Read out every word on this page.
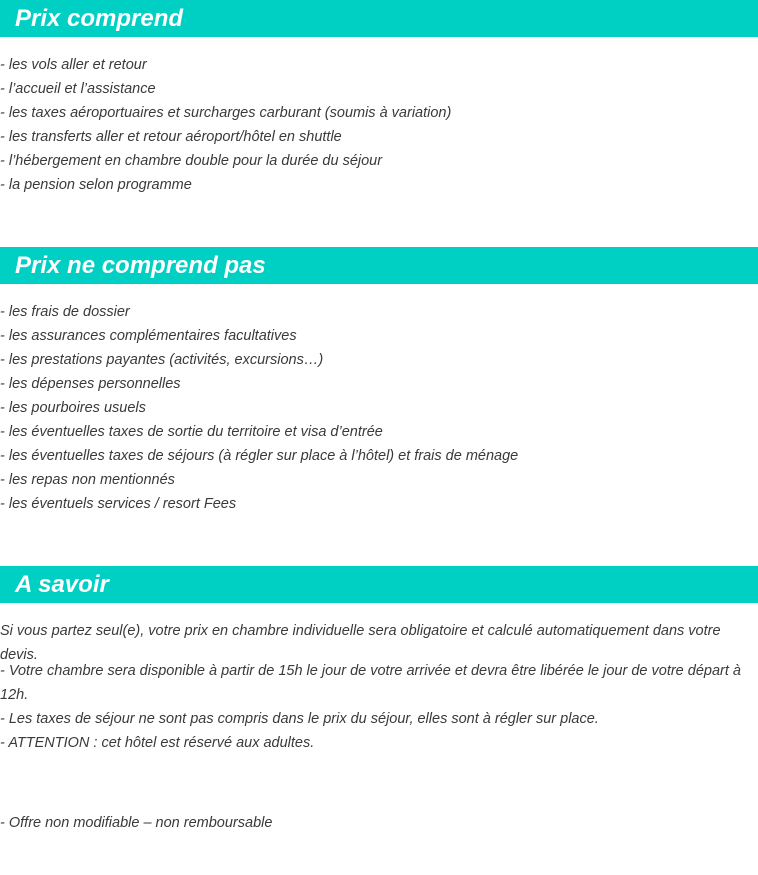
Prix comprend
- les vols aller et retour
- l’accueil et l’assistance
- les taxes aéroportuaires et surcharges carburant (soumis à variation)
- les transferts aller et retour aéroport/hôtel en shuttle
- l’hébergement en chambre double pour la durée du séjour
- la pension selon programme
Prix ne comprend pas
- les frais de dossier
- les assurances complémentaires facultatives
- les prestations payantes (activités, excursions…)
- les dépenses personnelles
- les pourboires usuels
- les éventuelles taxes de sortie du territoire et visa d’entrée
- les éventuelles taxes de séjours (à régler sur place à l’hôtel) et frais de ménage
- les repas non mentionnés
- les éventuels services / resort Fees
A savoir

Si vous partez seul(e), votre prix en chambre individuelle sera obligatoire et calculé automatiquement dans votre devis.

- Votre chambre sera disponible à partir de 15h le jour de votre arrivée et devra être libérée le jour de votre départ à 12h.
- Les taxes de séjour ne sont pas compris dans le prix du séjour, elles sont à régler sur place.
- ATTENTION : cet hôtel est réservé aux adultes.

- Offre non modifiable – non remboursable
